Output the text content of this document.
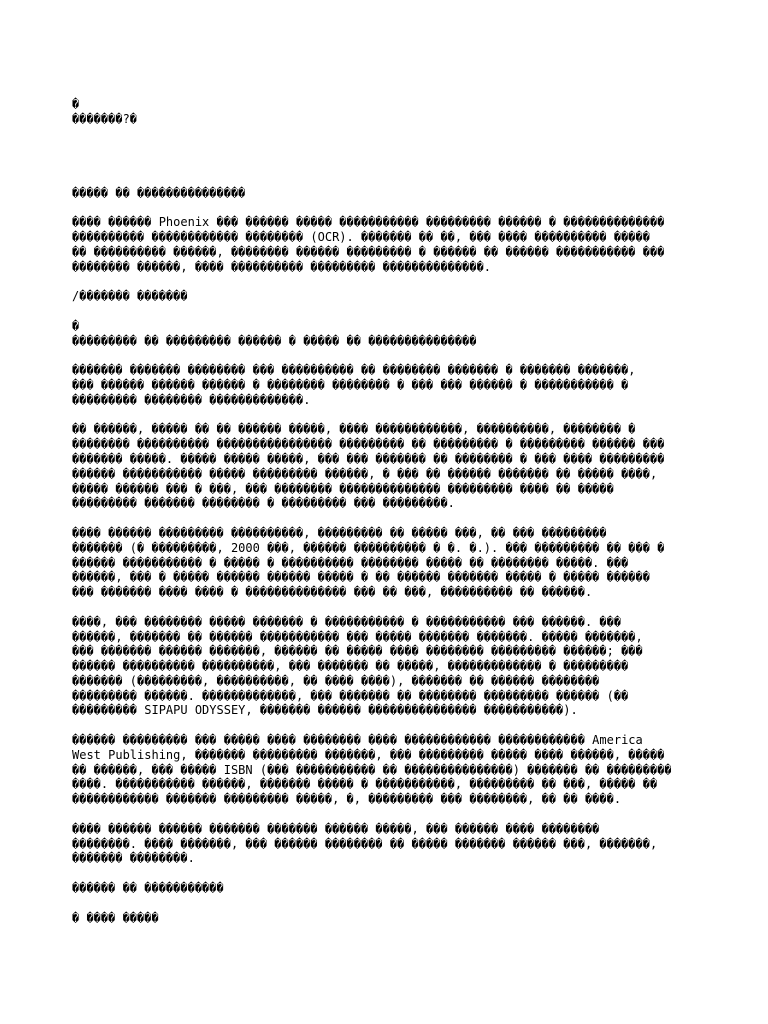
�
�������?�
����� �� ���������������
���� ������ Phoenix ��� ������ ����� ����������� ��������� ������ � ��������������
���������� ������������ �������� (OCR). ������� �� ��, ��� ���� ���������� �����
�� ���������� ������, �������� ������ ��������� � ������ �� ������ ����������� ���
�������� ������, ���� ���������� ��������� ��������������.
/������� �������
�
��������� �� ��������� ������ � ����� �� ���������������
������� ������� �������� ��� ���������� �� �������� ������� � ������� �������,
��� ������ ������ ������ � �������� �������� � ��� ��� ������ � ����������� �
��������� �������� �������������.
�� ������, ����� �� �� ������ �����, ���� ������������, ����������, �������� �
�������� ���������� ���������������� ��������� �� ��������� � ��������� ������ ���
������� �����. ����� ����� �����, ��� ��� ������� �� �������� � ��� ���� ���������
������ ����������� ����� ��������� ������, � ��� �� ������ ������� �� ����� ����,
����� ������ ��� � ���, ��� �������� �������������� ��������� ���� �� �����
��������� ������� �������� � ��������� ��� ���������.
���� ������ ��������� ����������, ��������� �� ����� ���, �� ��� ���������
������� (� ���������, 2000 ���, ������ ���������� � �. �.). ��� ��������� �� ��� �
������ ����������� � ����� � ���������� �������� ����� �� �������� �����. ���
������, ��� � ����� ������ ������ ����� � �� ������ ������� ����� � ����� ������
��� ������� ���� ���� � �������������� ��� �� ���, ���������� �� ������.
����, ��� �������� ����� ������� � ����������� � ����������� ��� ������. ���
������, ������� �� ������ ����������� ��� ����� ������� �������. ����� �������,
��� ������� ������ �������, ������ �� ����� ���� �������� ��������� ������; ���
������ ���������� ����������, ��� ������� �� �����, ������������� � ���������
������� (���������, ����������, �� ���� ����), ������� �� ������ ��������
��������� ������. �������������, ��� ������� �� �������� ��������� ������ (��
��������� SIPAPU ODYSSEY, ������� ������ ��������������� �����������).
������ ��������� ��� ����� ���� �������� ���� ������������ ������������ America
West Publishing, ������� ��������� �������, ��� ��������� ����� ���� ������, �����
�� ������, ��� ����� ISBN (��� ����������� �� ���������������) ������� �� ���������
����. ����������� ������, ������� ����� � �����������, ��������� �� ���, ����� ��
������������ ������� ��������� �����, �, ��������� ��� ��������, �� �� ����.
���� ������ ������ ������� ������� ������ �����, ��� ������ ���� ��������
��������. ���� �������, ��� ������ �������� �� ����� ������� ������ ���, �������,
������� ��������.
������ �� �����������
� ���� �����
